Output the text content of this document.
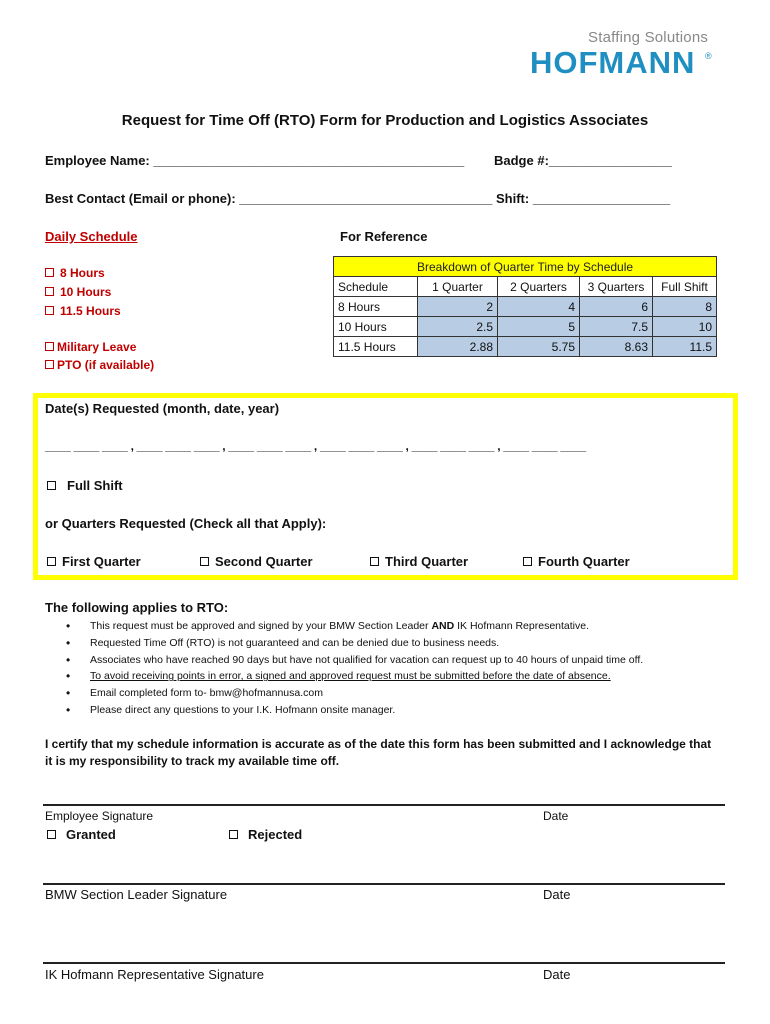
Staffing Solutions
HOFMANN ®
Request for Time Off (RTO) Form for Production and Logistics Associates
Employee Name: ___________________________________________ Badge #:_________________
Best Contact (Email or phone): ___________________________________ Shift: ___________________
Daily Schedule
8 Hours
10 Hours
11.5 Hours
Military Leave
PTO (if available)
For Reference
Breakdown of Quarter Time by Schedule				
Schedule	1 Quarter	2 Quarters	3 Quarters	Full Shift
8 Hours	2	4	6	8
10 Hours	2.5	5	7.5	10
11.5 Hours	2.88	5.75	8.63	11.5
Date(s) Requested (month, date, year)
____ ____ ____ , ____ ____ ____ , ____ ____ ____ , ____ ____ ____ , ____ ____ ____ , ____ ____ ____
Full Shift
or Quarters Requested (Check all that Apply):
First Quarter	Second Quarter	Third Quarter	Fourth Quarter
The following applies to RTO:
• This request must be approved and signed by your BMW Section Leader AND IK Hofmann Representative.
• Requested Time Off (RTO) is not guaranteed and can be denied due to business needs.
• Associates who have reached 90 days but have not qualified for vacation can request up to 40 hours of unpaid time off.
• To avoid receiving points in error, a signed and approved request must be submitted before the date of absence.
• Email completed form to- bmw@hofmannusa.com
• Please direct any questions to your I.K. Hofmann onsite manager.
I certify that my schedule information is accurate as of the date this form has been submitted and I acknowledge that
it is my responsibility to track my available time off.
Employee Signature	Date
Granted	Rejected
BMW Section Leader Signature	Date
IK Hofmann Representative Signature	Date
